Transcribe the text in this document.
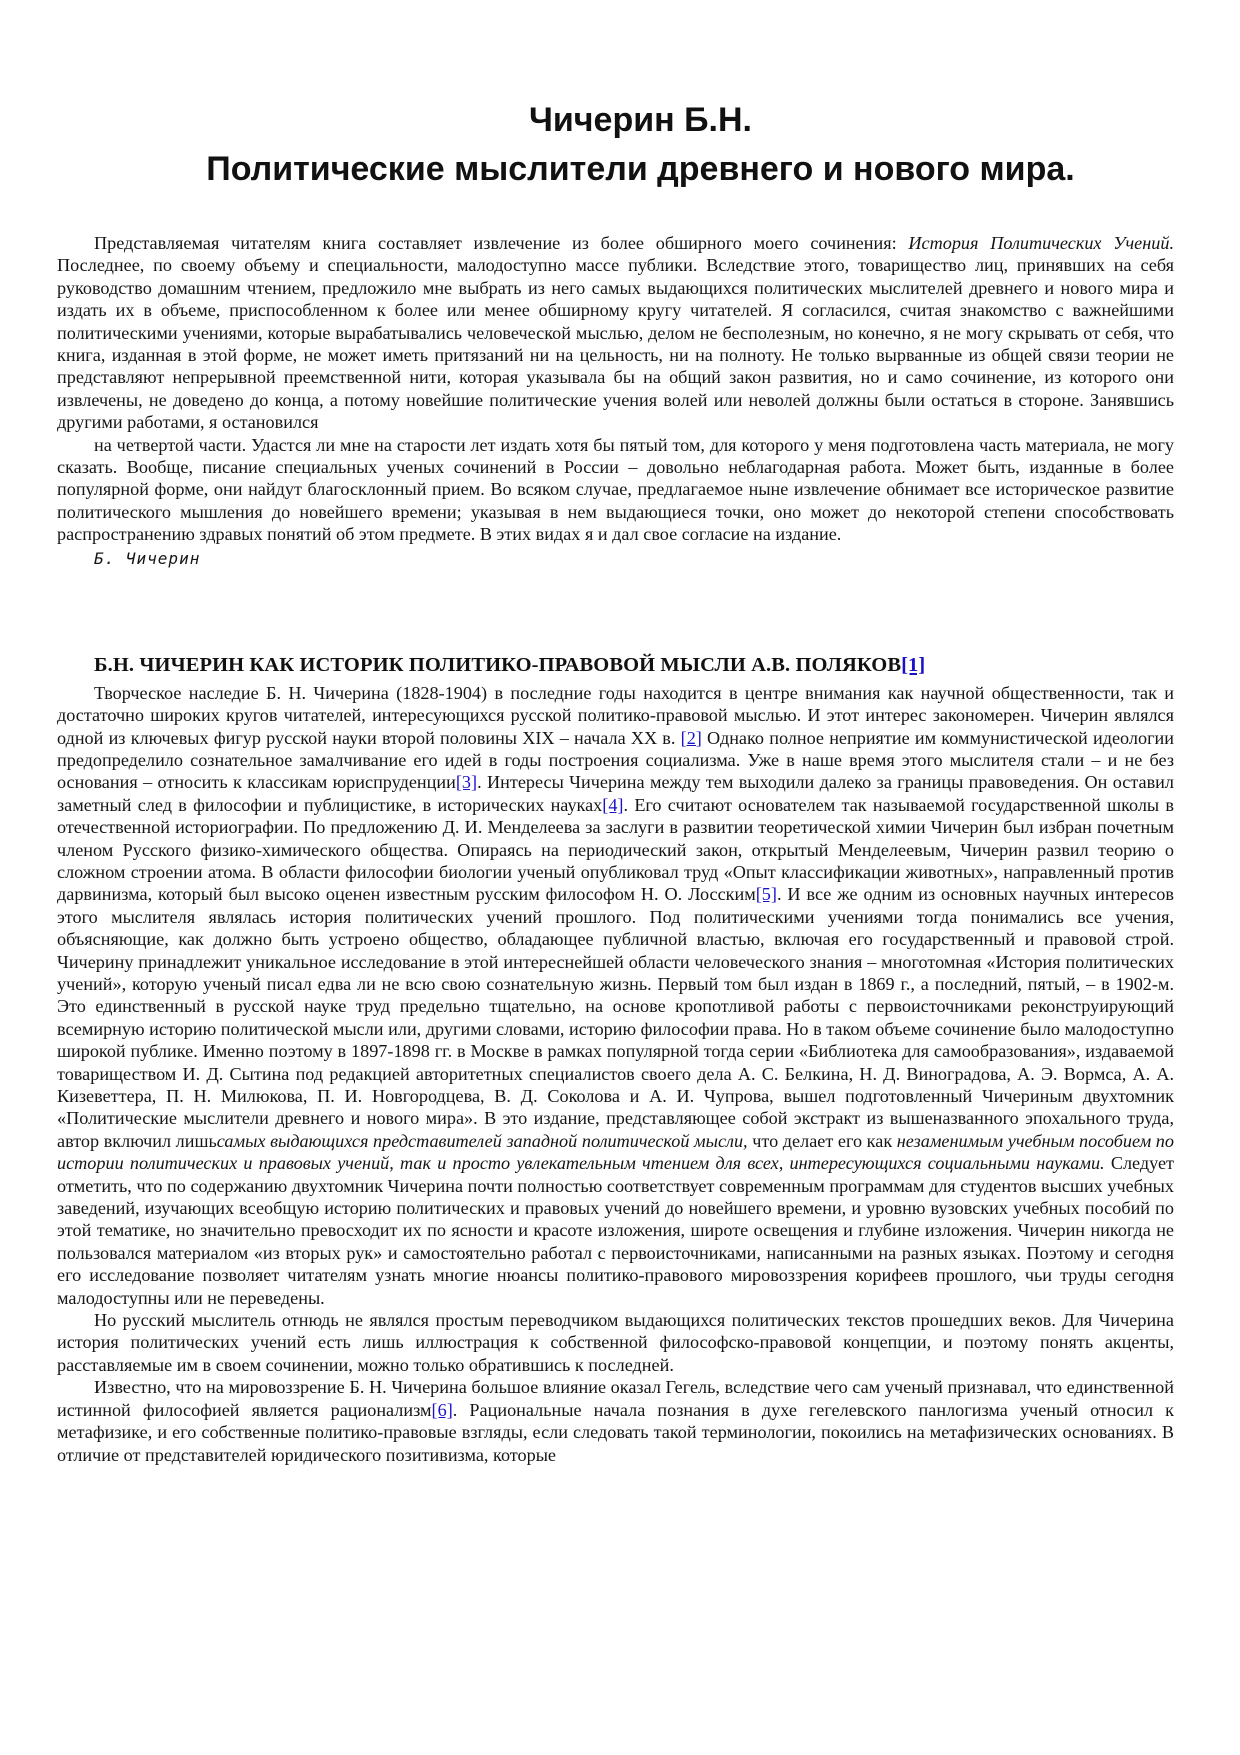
Чичерин Б.Н.
Политические мыслители древнего и нового мира.

Представляемая читателям книга составляет извлечение из более обширного моего сочинения: История Политических Учений. Последнее, по своему объему и специальности, малодоступно массе публики. Вследствие этого, товарищество лиц, принявших на себя руководство домашним чтением, предложило мне выбрать из него самых выдающихся политических мыслителей древнего и нового мира и издать их в объеме, приспособленном к более или менее обширному кругу читателей. Я согласился, считая знакомство с важнейшими политическими учениями, которые вырабатывались человеческой мыслью, делом не бесполезным, но конечно, я не могу скрывать от себя, что книга, изданная в этой форме, не может иметь притязаний ни на цельность, ни на полноту. Не только вырванные из общей связи теории не представляют непрерывной преемственной нити, которая указывала бы на общий закон развития, но и само сочинение, из которого они извлечены, не доведено до конца, а потому новейшие политические учения волей или неволей должны были остаться в стороне. Занявшись другими работами, я остановился

на четвертой части. Удастся ли мне на старости лет издать хотя бы пятый том, для которого у меня подготовлена часть материала, не могу сказать. Вообще, писание специальных ученых сочинений в России – довольно неблагодарная работа. Может быть, изданные в более популярной форме, они найдут благосклонный прием. Во всяком случае, предлагаемое ныне извлечение обнимает все историческое развитие политического мышления до новейшего времени; указывая в нем выдающиеся точки, оно может до некоторой степени способствовать распространению здравых понятий об этом предмете. В этих видах я и дал свое согласие на издание.

Б. Чичерин
Б.Н. ЧИЧЕРИН КАК ИСТОРИК ПОЛИТИКО-ПРАВОВОЙ МЫСЛИ А.В. ПОЛЯКОВ[1]

Творческое наследие Б. Н. Чичерина (1828-1904) в последние годы находится в центре внимания как научной общественности, так и достаточно широких кругов читателей, интересующихся русской политико-правовой мыслью. И этот интерес закономерен. Чичерин являлся одной из ключевых фигур русской науки второй половины XIX – начала XX в. [2] Однако полное неприятие им коммунистической идеологии предопределило сознательное замалчивание его идей в годы построения социализма. Уже в наше время этого мыслителя стали – и не без основания – относить к классикам юриспруденции[3]. Интересы Чичерина между тем выходили далеко за границы правоведения. Он оставил заметный след в философии и публицистике, в исторических науках[4]. Его считают основателем так называемой государственной школы в отечественной историографии. По предложению Д. И. Менделеева за заслуги в развитии теоретической химии Чичерин был избран почетным членом Русского физико-химического общества. Опираясь на периодический закон, открытый Менделеевым, Чичерин развил теорию о сложном строении атома. В области философии биологии ученый опубликовал труд «Опыт классификации животных», направленный против дарвинизма, который был высоко оценен известным русским философом Н. О. Лосским[5]. И все же одним из основных научных интересов этого мыслителя являлась история политических учений прошлого. Под политическими учениями тогда понимались все учения, объясняющие, как должно быть устроено общество, обладающее публичной властью, включая его государственный и правовой строй. Чичерину принадлежит уникальное исследование в этой интереснейшей области человеческого знания – многотомная «История политических учений», которую ученый писал едва ли не всю свою сознательную жизнь. Первый том был издан в 1869 г., а последний, пятый, – в 1902-м. Это единственный в русской науке труд предельно тщательно, на основе кропотливой работы с первоисточниками реконструирующий всемирную историю политической мысли или, другими словами, историю философии права. Но в таком объеме сочинение было малодоступно широкой публике. Именно поэтому в 1897-1898 гг. в Москве в рамках популярной тогда серии «Библиотека для самообразования», издаваемой товариществом И. Д. Сытина под редакцией авторитетных специалистов своего дела А. С. Белкина, Н. Д. Виноградова, А. Э. Вормса, А. А. Кизеветтера, П. Н. Милюкова, П. И. Новгородцева, В. Д. Соколова и А. И. Чупрова, вышел подготовленный Чичериным двухтомник «Политические мыслители древнего и нового мира». В это издание, представляющее собой экстракт из вышеназванного эпохального труда, автор включил лишьсамых выдающихся представителей западной политической мысли, что делает его как незаменимым учебным пособием по истории политических и правовых учений, так и просто увлекательным чтением для всех, интересующихся социальными науками. Следует отметить, что по содержанию двухтомник Чичерина почти полностью соответствует современным программам для студентов высших учебных заведений, изучающих всеобщую историю политических и правовых учений до новейшего времени, и уровню вузовских учебных пособий по этой тематике, но значительно превосходит их по ясности и красоте изложения, широте освещения и глубине изложения. Чичерин никогда не пользовался материалом «из вторых рук» и самостоятельно работал с первоисточниками, написанными на разных языках. Поэтому и сегодня его исследование позволяет читателям узнать многие нюансы политико-правового мировоззрения корифеев прошлого, чьи труды сегодня малодоступны или не переведены.

Но русский мыслитель отнюдь не являлся простым переводчиком выдающихся политических текстов прошедших веков. Для Чичерина история политических учений есть лишь иллюстрация к собственной философско-правовой концепции, и поэтому понять акценты, расставляемые им в своем сочинении, можно только обратившись к последней.

Известно, что на мировоззрение Б. Н. Чичерина большое влияние оказал Гегель, вследствие чего сам ученый признавал, что единственной истинной философией является рационализм[6]. Рациональные начала познания в духе гегелевского панлогизма ученый относил к метафизике, и его собственные политико-правовые взгляды, если следовать такой терминологии, покоились на метафизических основаниях. В отличие от представителей юридического позитивизма, которые
